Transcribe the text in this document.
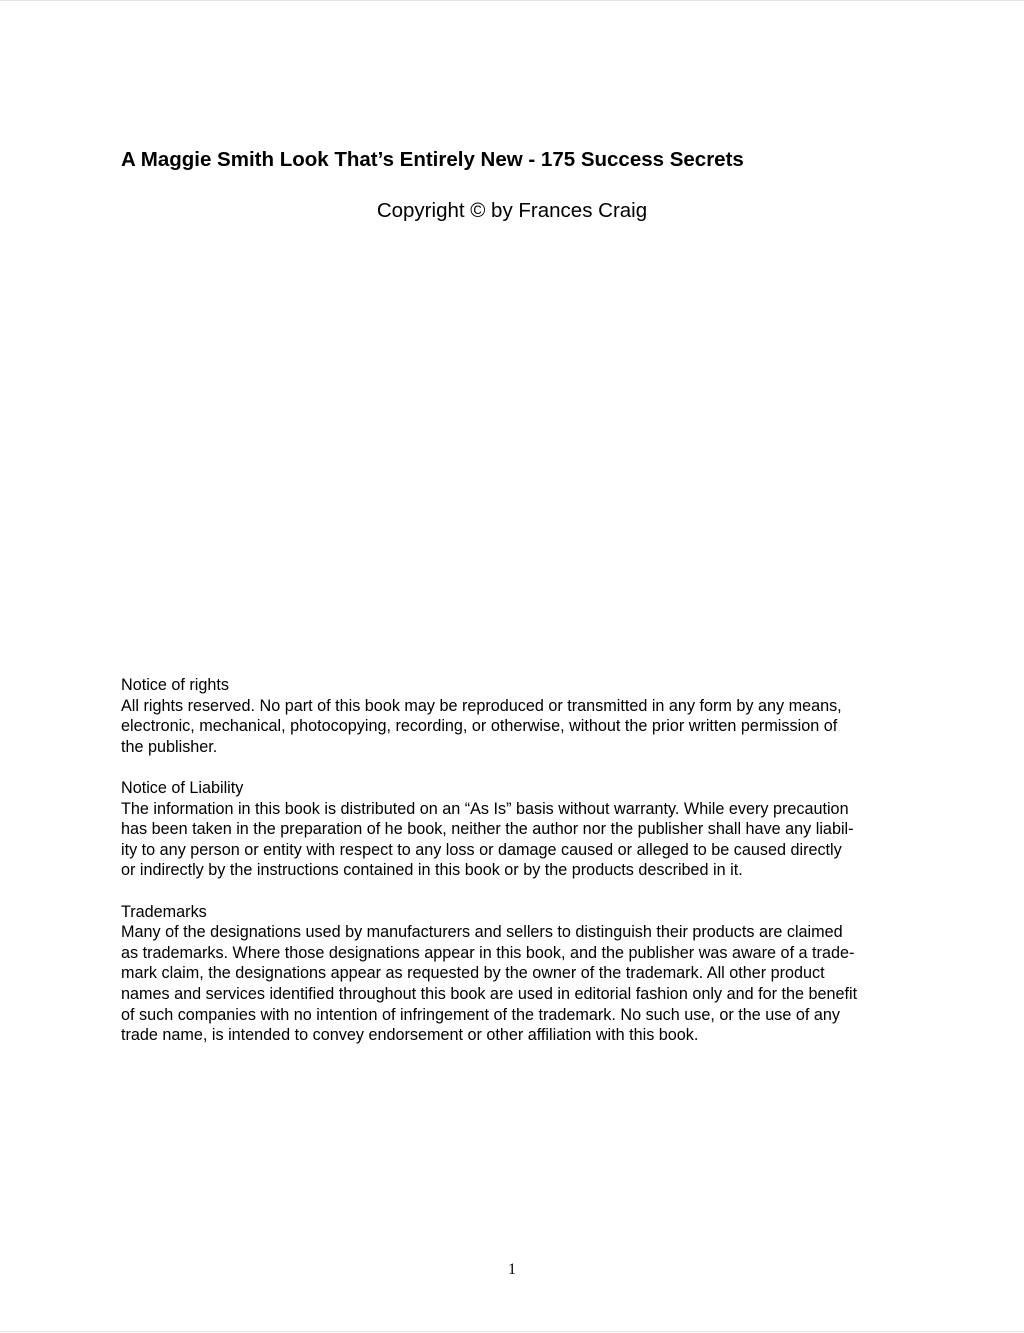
A Maggie Smith Look That’s Entirely New - 175 Success Secrets
Copyright © by Frances Craig
Notice of rights
All rights reserved. No part of this book may be reproduced or transmitted in any form by any means,
electronic, mechanical, photocopying, recording, or otherwise, without the prior written permission of
the publisher.
Notice of Liability
The information in this book is distributed on an “As Is” basis without warranty. While every precaution
has been taken in the preparation of he book, neither the author nor the publisher shall have any liabil-
ity to any person or entity with respect to any loss or damage caused or alleged to be caused directly
or indirectly by the instructions contained in this book or by the products described in it.
Trademarks
Many of the designations used by manufacturers and sellers to distinguish their products are claimed
as trademarks. Where those designations appear in this book, and the publisher was aware of a trade-
mark claim, the designations appear as requested by the owner of the trademark. All other product
names and services identified throughout this book are used in editorial fashion only and for the benefit
of such companies with no intention of infringement of the trademark. No such use, or the use of any
trade name, is intended to convey endorsement or other affiliation with this book.
1
